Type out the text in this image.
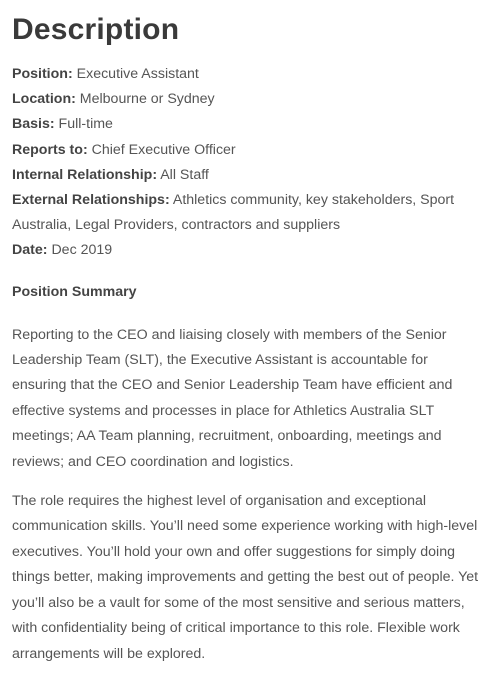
Description
Position: Executive Assistant
Location: Melbourne or Sydney
Basis: Full-time
Reports to: Chief Executive Officer
Internal Relationship: All Staff
External Relationships: Athletics community, key stakeholders, Sport Australia, Legal Providers, contractors and suppliers
Date: Dec 2019
Position Summary

Reporting to the CEO and liaising closely with members of the Senior Leadership Team (SLT), the Executive Assistant is accountable for ensuring that the CEO and Senior Leadership Team have efficient and effective systems and processes in place for Athletics Australia SLT meetings; AA Team planning, recruitment, onboarding, meetings and reviews; and CEO coordination and logistics.

The role requires the highest level of organisation and exceptional communication skills. You’ll need some experience working with high-level executives. You’ll hold your own and offer suggestions for simply doing things better, making improvements and getting the best out of people. Yet you’ll also be a vault for some of the most sensitive and serious matters, with confidentiality being of critical importance to this role. Flexible work arrangements will be explored.
